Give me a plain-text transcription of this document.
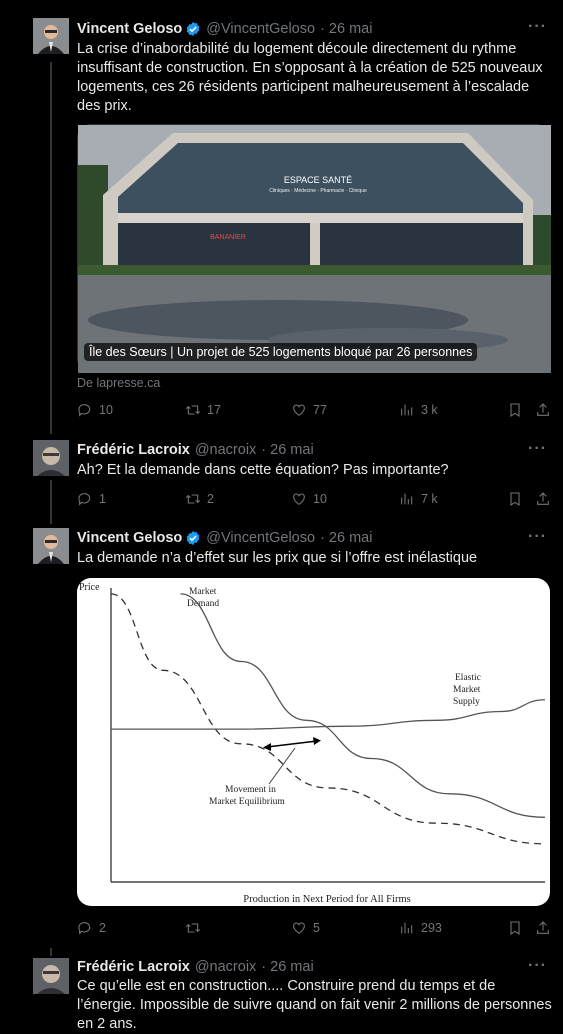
Vincent Geloso @VincentGeloso · 26 mai	···
La crise d’inabordabilité du logement découle directement du rythme insuffisant de construction. En s’opposant à la création de 525 nouveaux logements, ces 26 résidents participent malheureusement à l’escalade des prix.
ESPACE SANTÉ
Cliniques · Médecine · Pharmacie · Clinique
BANANIER
Île des Sœurs | Un projet de 525 logements bloqué par 26 personnes
De lapresse.ca
10	17	77	3 k
Frédéric Lacroix @nacroix · 26 mai	···
Ah? Et la demande dans cette équation? Pas importante?
1	2	10	7 k
Vincent Geloso @VincentGeloso · 26 mai	···
La demande n’a d’effet sur les prix que si l’offre est inélastique
2	5	293
Price
Production in Next Period for All Firms
Market Demand
Elastic Market Supply
Movement in Market Equilibrium
Frédéric Lacroix @nacroix · 26 mai	···
Ce qu’elle est en construction.... Construire prend du temps et de l’énergie. Impossible de suivre quand on fait venir 2 millions de personnes en 2 ans.
